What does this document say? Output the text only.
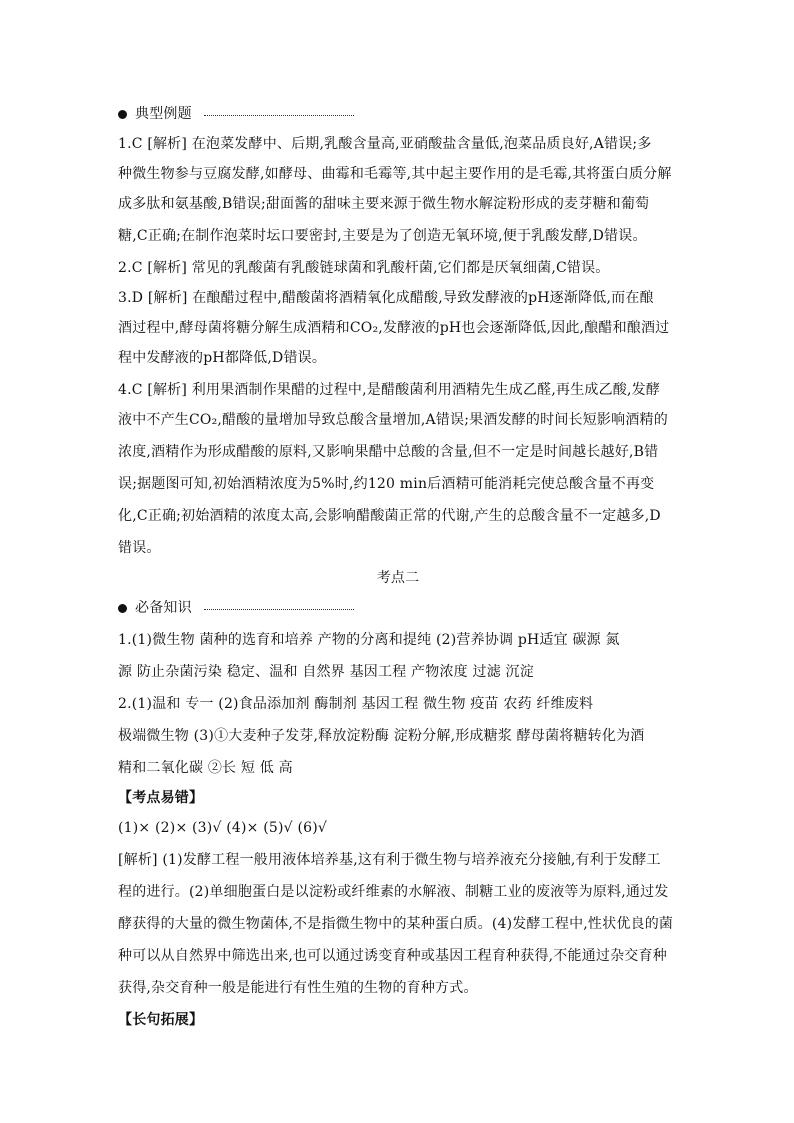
典型例题
1.C [解析] 在泡菜发酵中、后期,乳酸含量高,亚硝酸盐含量低,泡菜品质良好,A错误;多
种微生物参与豆腐发酵,如酵母、曲霉和毛霉等,其中起主要作用的是毛霉,其将蛋白质分解
成多肽和氨基酸,B错误;甜面酱的甜味主要来源于微生物水解淀粉形成的麦芽糖和葡萄
糖,C正确;在制作泡菜时坛口要密封,主要是为了创造无氧环境,便于乳酸发酵,D错误。
2.C [解析] 常见的乳酸菌有乳酸链球菌和乳酸杆菌,它们都是厌氧细菌,C错误。
3.D [解析] 在酿醋过程中,醋酸菌将酒精氧化成醋酸,导致发酵液的pH逐渐降低,而在酿
酒过程中,酵母菌将糖分解生成酒精和CO₂,发酵液的pH也会逐渐降低,因此,酿醋和酿酒过
程中发酵液的pH都降低,D错误。
4.C [解析] 利用果酒制作果醋的过程中,是醋酸菌利用酒精先生成乙醛,再生成乙酸,发酵
液中不产生CO₂,醋酸的量增加导致总酸含量增加,A错误;果酒发酵的时间长短影响酒精的
浓度,酒精作为形成醋酸的原料,又影响果醋中总酸的含量,但不一定是时间越长越好,B错
误;据题图可知,初始酒精浓度为5%时,约120 min后酒精可能消耗完使总酸含量不再变
化,C正确;初始酒精的浓度太高,会影响醋酸菌正常的代谢,产生的总酸含量不一定越多,D
错误。
考点二
必备知识
1.(1)微生物 菌种的选育和培养 产物的分离和提纯 (2)营养协调 pH适宜 碳源 氮
源 防止杂菌污染 稳定、温和 自然界 基因工程 产物浓度 过滤 沉淀
2.(1)温和 专一 (2)食品添加剂 酶制剂 基因工程 微生物 疫苗 农药 纤维废料
极端微生物 (3)①大麦种子发芽,释放淀粉酶 淀粉分解,形成糖浆 酵母菌将糖转化为酒
精和二氧化碳 ②长 短 低 高
【考点易错】
(1)× (2)× (3)√ (4)× (5)√ (6)√
[解析] (1)发酵工程一般用液体培养基,这有利于微生物与培养液充分接触,有利于发酵工
程的进行。(2)单细胞蛋白是以淀粉或纤维素的水解液、制糖工业的废液等为原料,通过发
酵获得的大量的微生物菌体,不是指微生物中的某种蛋白质。(4)发酵工程中,性状优良的菌
种可以从自然界中筛选出来,也可以通过诱变育种或基因工程育种获得,不能通过杂交育种
获得,杂交育种一般是能进行有性生殖的生物的育种方式。
【长句拓展】
